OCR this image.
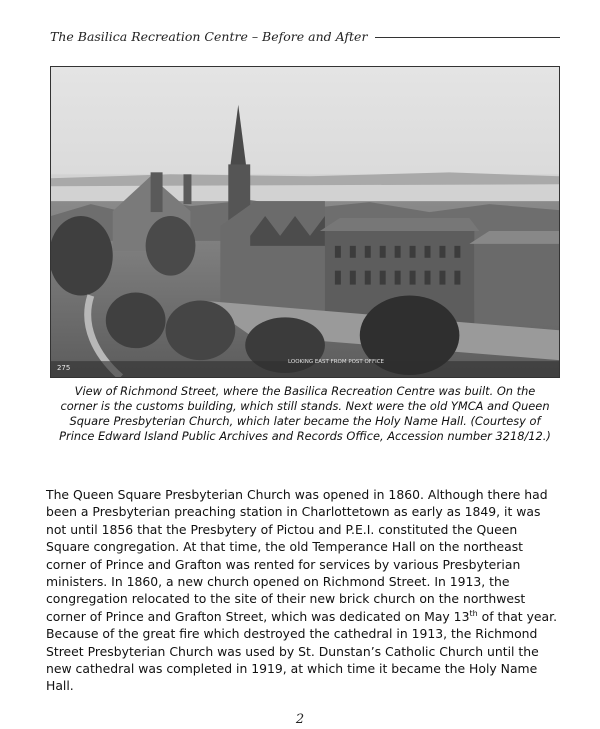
The Basilica Recreation Centre – Before and After
275
LOOKING EAST FROM POST OFFICE
View of Richmond Street, where the Basilica Recreation Centre was built. On the
corner is the customs building, which still stands. Next were the old YMCA and Queen
Square Presbyterian Church, which later became the Holy Name Hall. (Courtesy of
Prince Edward Island Public Archives and Records Office, Accession number 3218/12.)
The Queen Square Presbyterian Church was opened in 1860. Although there had been a Presbyterian preaching station in Charlottetown as early as 1849, it was not until 1856 that the Presbytery of Pictou and P.E.I. constituted the Queen Square congregation. At that time, the old Temperance Hall on the northeast corner of Prince and Grafton was rented for services by various Presbyterian ministers. In 1860, a new church opened on Richmond Street. In 1913, the congregation relocated to the site of their new brick church on the northwest corner of Prince and Grafton Street, which was dedicated on May 13th of that year. Because of the great fire which destroyed the cathedral in 1913, the Richmond Street Presbyterian Church was used by St. Dunstan’s Catholic Church until the new cathedral was completed in 1919, at which time it became the Holy Name Hall.
2
